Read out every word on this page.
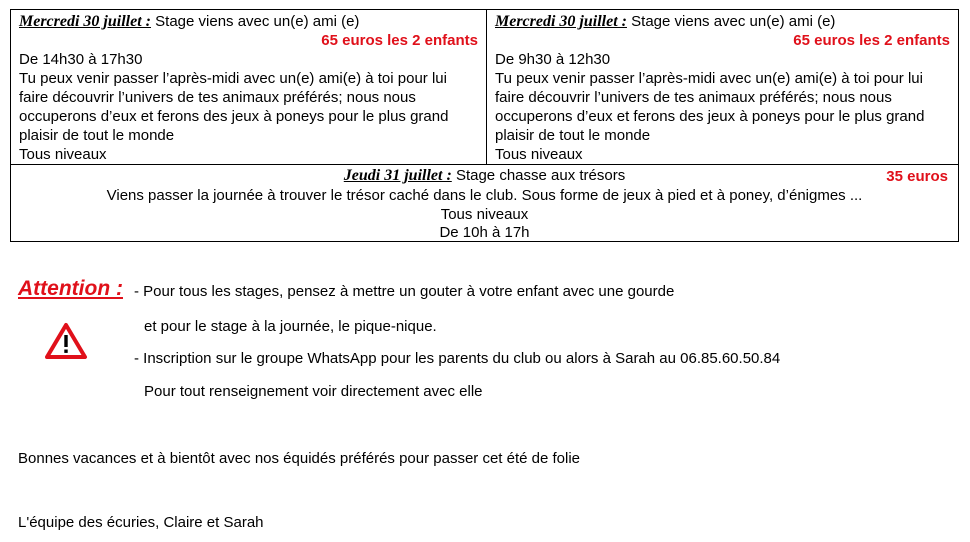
Mercredi 30 juillet : Stage viens avec un(e) ami (e)
65 euros les 2 enfants
De 14h30 à 17h30
Tu peux venir passer l’après-midi avec un(e) ami(e) à toi pour lui faire découvrir l’univers de tes animaux préférés; nous nous occuperons d’eux et ferons des jeux à poneys pour le plus grand plaisir de tout le monde
Tous niveaux
Mercredi 30 juillet : Stage viens avec un(e) ami (e)
65 euros les 2 enfants
De 9h30 à 12h30
Tu peux venir passer l’après-midi avec un(e) ami(e) à toi pour lui faire découvrir l’univers de tes animaux préférés; nous nous occuperons d’eux et ferons des jeux à poneys pour le plus grand plaisir de tout le monde
Tous niveaux
Jeudi 31 juillet : Stage chasse aux trésors	35 euros
Viens passer la journée à trouver le trésor caché dans le club. Sous forme de jeux à pied et à poney, d’énigmes ...
Tous niveaux
De 10h à 17h
Attention : - Pour tous les stages, pensez à mettre un gouter à votre enfant avec une gourde
et pour le stage à la journée, le pique-nique.
- Inscription sur le groupe WhatsApp pour les parents du club ou alors à Sarah au 06.85.60.50.84
Pour tout renseignement voir directement avec elle
Bonnes vacances et à bientôt avec nos équidés préférés pour passer cet été de folie
L'équipe des écuries, Claire et Sarah
